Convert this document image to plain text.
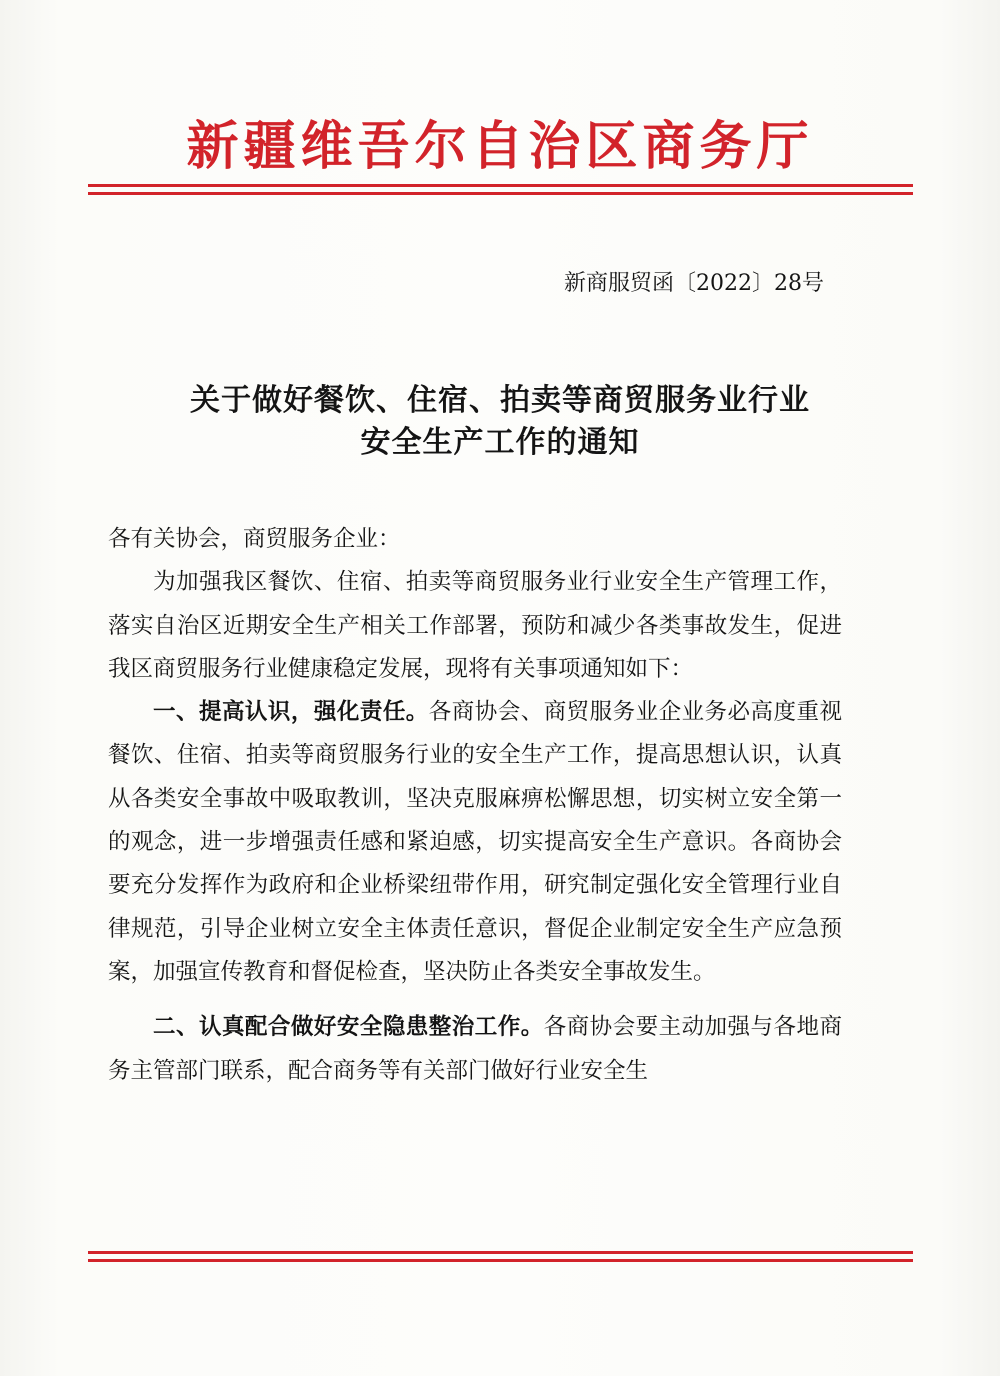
新疆维吾尔自治区商务厅
新商服贸函〔2022〕28号
关于做好餐饮、住宿、拍卖等商贸服务业行业
安全生产工作的通知

各有关协会，商贸服务企业：

为加强我区餐饮、住宿、拍卖等商贸服务业行业安全生产管理工作，落实自治区近期安全生产相关工作部署，预防和减少各类事故发生，促进我区商贸服务行业健康稳定发展，现将有关事项通知如下：

一、提高认识，强化责任。各商协会、商贸服务业企业务必高度重视餐饮、住宿、拍卖等商贸服务行业的安全生产工作，提高思想认识，认真从各类安全事故中吸取教训，坚决克服麻痹松懈思想，切实树立安全第一的观念，进一步增强责任感和紧迫感，切实提高安全生产意识。各商协会要充分发挥作为政府和企业桥梁纽带作用，研究制定强化安全管理行业自律规范，引导企业树立安全主体责任意识，督促企业制定安全生产应急预案，加强宣传教育和督促检查，坚决防止各类安全事故发生。

二、认真配合做好安全隐患整治工作。各商协会要主动加强与各地商务主管部门联系，配合商务等有关部门做好行业安全生
